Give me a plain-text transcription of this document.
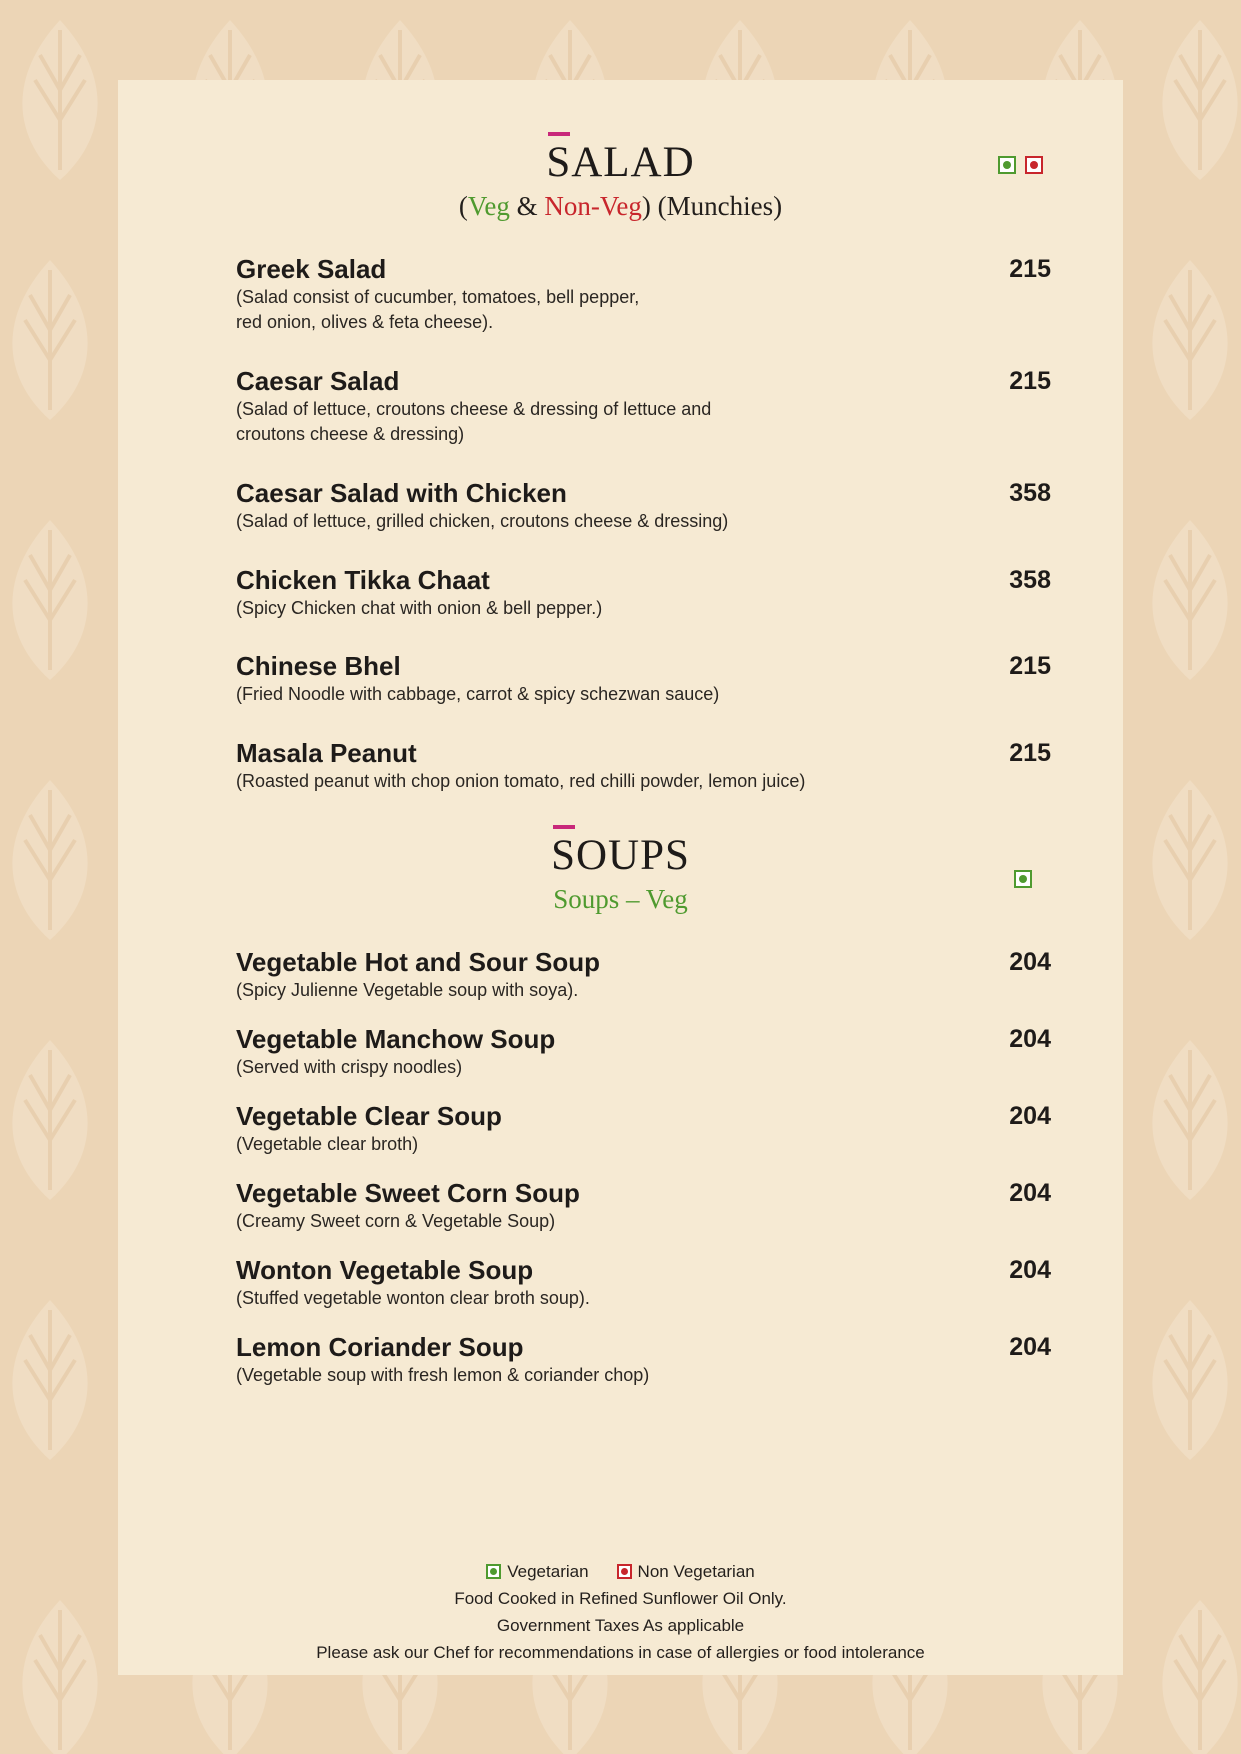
SALAD
(Veg & Non-Veg) (Munchies)
Greek Salad
(Salad consist of cucumber, tomatoes, bell pepper,
red onion, olives & feta cheese).
215
Caesar Salad
(Salad of lettuce, croutons cheese & dressing of lettuce and
croutons cheese & dressing)
215
Caesar Salad with Chicken
(Salad of lettuce, grilled chicken, croutons cheese & dressing)
358
Chicken Tikka Chaat
(Spicy Chicken chat with onion & bell pepper.)
358
Chinese Bhel
(Fried Noodle with cabbage, carrot & spicy schezwan sauce)
215
Masala Peanut
(Roasted peanut with chop onion tomato, red chilli powder, lemon juice)
215
SOUPS
Soups – Veg
Vegetable Hot and Sour Soup
(Spicy Julienne Vegetable soup with soya).
204
Vegetable Manchow Soup
(Served with crispy noodles)
204
Vegetable Clear Soup
(Vegetable clear broth)
204
Vegetable Sweet Corn Soup
(Creamy Sweet corn & Vegetable Soup)
204
Wonton Vegetable Soup
(Stuffed vegetable wonton clear broth soup).
204
Lemon Coriander Soup
(Vegetable soup with fresh lemon & coriander chop)
204
Vegetarian	Non Vegetarian
Food Cooked in Refined Sunflower Oil Only.
Government Taxes As applicable
Please ask our Chef for recommendations in case of allergies or food intolerance
